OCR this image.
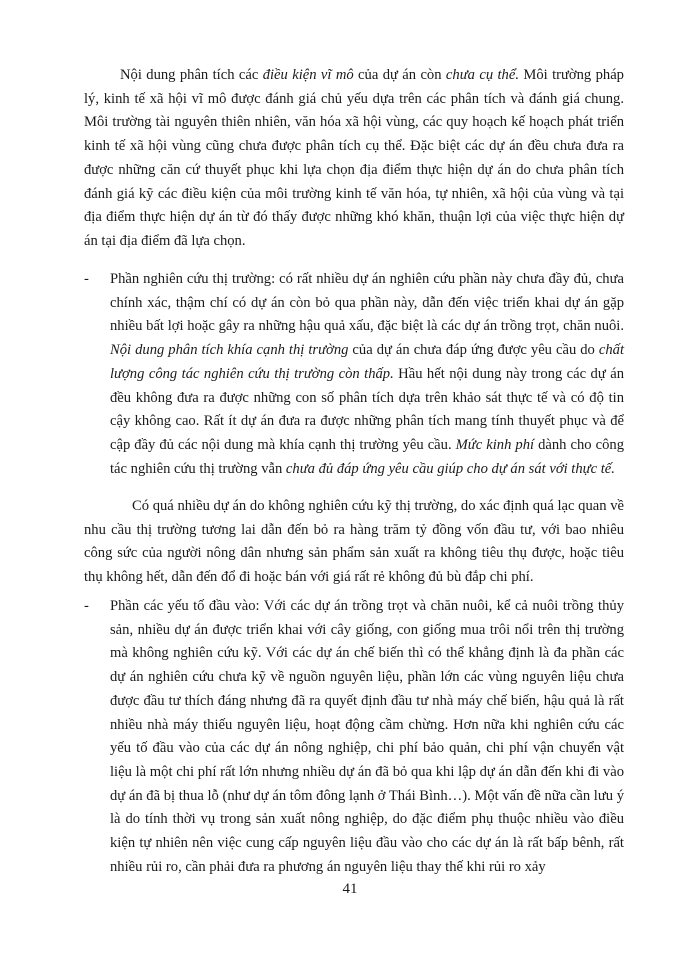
Nội dung phân tích các điều kiện vĩ mô của dự án còn chưa cụ thể. Môi trường pháp lý, kinh tế xã hội vĩ mô được đánh giá chủ yếu dựa trên các phân tích và đánh giá chung. Môi trường tài nguyên thiên nhiên, văn hóa xã hội vùng, các quy hoạch kế hoạch phát triển kinh tế xã hội vùng cũng chưa được phân tích cụ thể. Đặc biệt các dự án đều chưa đưa ra được những căn cứ thuyết phục khi lựa chọn địa điểm thực hiện dự án do chưa phân tích đánh giá kỹ các điều kiện của môi trường kinh tế văn hóa, tự nhiên, xã hội của vùng và tại địa điểm thực hiện dự án từ đó thấy được những khó khăn, thuận lợi của việc thực hiện dự án tại địa điểm đã lựa chọn.

- Phần nghiên cứu thị trường: có rất nhiều dự án nghiên cứu phần này chưa đầy đủ, chưa chính xác, thậm chí có dự án còn bỏ qua phần này, dẫn đến việc triển khai dự án gặp nhiều bất lợi hoặc gây ra những hậu quả xấu, đặc biệt là các dự án trồng trọt, chăn nuôi. Nội dung phân tích khía cạnh thị trường của dự án chưa đáp ứng được yêu cầu do chất lượng công tác nghiên cứu thị trường còn thấp. Hầu hết nội dung này trong các dự án đều không đưa ra được những con số phân tích dựa trên khảo sát thực tế và có độ tin cậy không cao. Rất ít dự án đưa ra được những phân tích mang tính thuyết phục và để cập đầy đủ các nội dung mà khía cạnh thị trường yêu cầu. Mức kinh phí dành cho công tác nghiên cứu thị trường vẫn chưa đủ đáp ứng yêu cầu giúp cho dự án sát với thực tế.

Có quá nhiều dự án do không nghiên cứu kỹ thị trường, do xác định quá lạc quan về nhu cầu thị trường tương lai dẫn đến bỏ ra hàng trăm tỷ đồng vốn đầu tư, với bao nhiêu công sức của người nông dân nhưng sản phẩm sản xuất ra không tiêu thụ được, hoặc tiêu thụ không hết, dẫn đến đổ đi hoặc bán với giá rất rẻ không đủ bù đắp chi phí.

- Phần các yếu tố đầu vào: Với các dự án trồng trọt và chăn nuôi, kể cả nuôi trồng thủy sản, nhiều dự án được triển khai với cây giống, con giống mua trôi nổi trên thị trường mà không nghiên cứu kỹ. Với các dự án chế biến thì có thể khẳng định là đa phần các dự án nghiên cứu chưa kỹ về nguồn nguyên liệu, phần lớn các vùng nguyên liệu chưa được đầu tư thích đáng nhưng đã ra quyết định đầu tư nhà máy chế biến, hậu quả là rất nhiều nhà máy thiếu nguyên liệu, hoạt động cầm chừng. Hơn nữa khi nghiên cứu các yếu tố đầu vào của các dự án nông nghiệp, chi phí bảo quản, chi phí vận chuyển vật liệu là một chi phí rất lớn nhưng nhiều dự án đã bỏ qua khi lập dự án dẫn đến khi đi vào dự án đã bị thua lỗ (như dự án tôm đông lạnh ở Thái Bình…). Một vấn đề nữa cần lưu ý là do tính thời vụ trong sản xuất nông nghiệp, do đặc điểm phụ thuộc nhiều vào điều kiện tự nhiên nên việc cung cấp nguyên liệu đầu vào cho các dự án là rất bấp bênh, rất nhiều rủi ro, cần phải đưa ra phương án nguyên liệu thay thế khi rủi ro xảy

41
